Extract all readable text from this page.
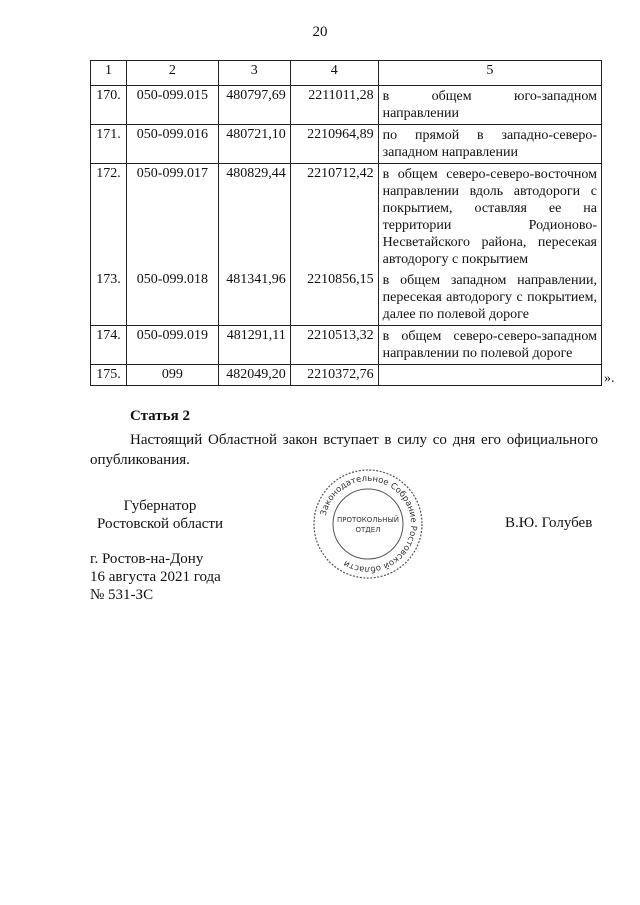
20
1	2	3	4	5
170.	050-099.015	480797,69	2211011,28	в общем юго-западном направлении
171.	050-099.016	480721,10	2210964,89	по прямой в западно-северо-западном направлении
172.	050-099.017	480829,44	2210712,42	в общем северо-северо-восточном направлении вдоль автодороги с покрытием, оставляя ее на территории Родионово-Несветайского района, пересекая автодорогу с покрытием
173.	050-099.018	481341,96	2210856,15	в общем западном направлении, пересекая автодорогу с покрытием, далее по полевой дороге
174.	050-099.019	481291,11	2210513,32	в общем северо-северо-западном направлении по полевой дороге
175.	099	482049,20	2210372,76		».
Статья 2
Настоящий Областной закон вступает в силу со дня его официального опубликования.
Губернатор
Ростовской области	В.Ю. Голубев
г. Ростов-на-Дону
16 августа 2021 года
№ 531-ЗС
Законодательное Собрание Ростовской области
ПРОТОКОЛЬНЫЙ
ОТДЕЛ
